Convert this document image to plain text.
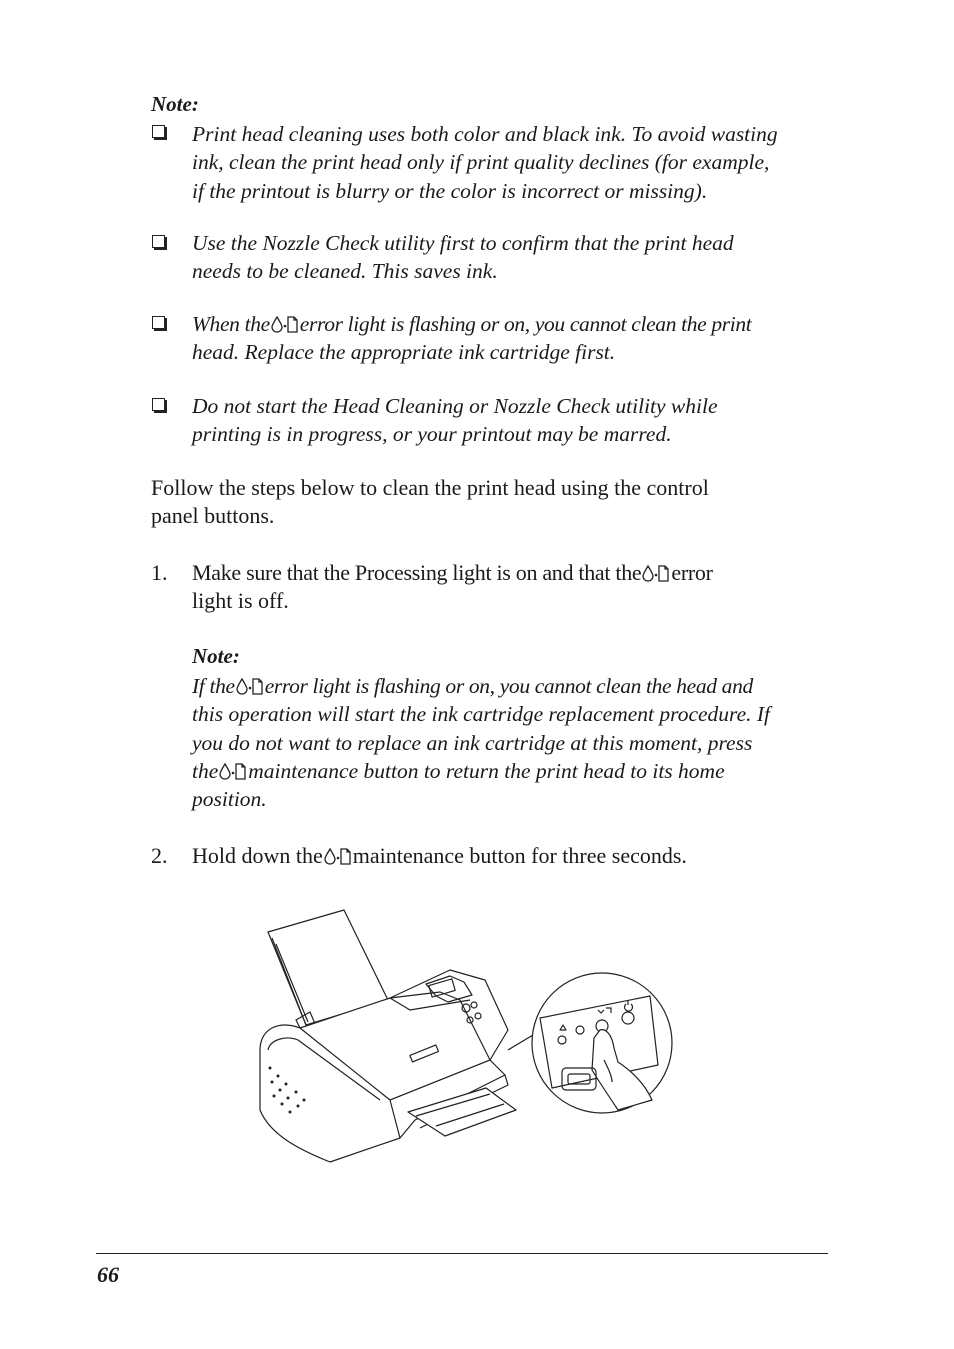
Note:
Print head cleaning uses both color and black ink. To avoid wasting
ink, clean the print head only if print quality declines (for example,
if the printout is blurry or the color is incorrect or missing).
Use the Nozzle Check utility first to confirm that the print head
needs to be cleaned. This saves ink.
When the error light is flashing or on, you cannot clean the print
head. Replace the appropriate ink cartridge first.
Do not start the Head Cleaning or Nozzle Check utility while
printing is in progress, or your printout may be marred.
Follow the steps below to clean the print head using the control
panel buttons.
1. Make sure that the Processing light is on and that the error
light is off.
Note:
If the error light is flashing or on, you cannot clean the head and
this operation will start the ink cartridge replacement procedure. If
you do not want to replace an ink cartridge at this moment, press
the maintenance button to return the print head to its home
position.
2. Hold down the maintenance button for three seconds.
66
